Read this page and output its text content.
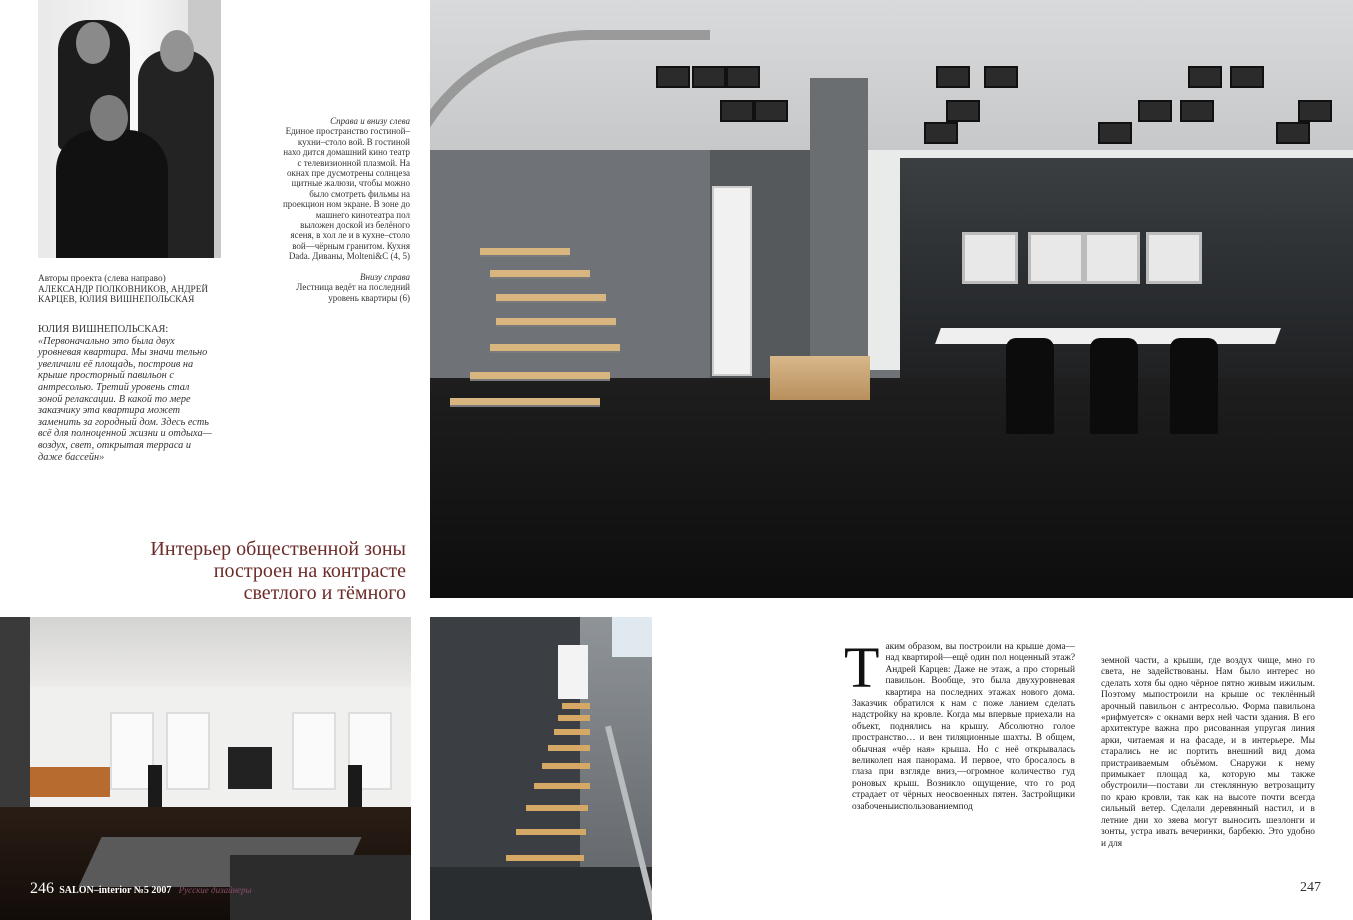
Авторы проекта (слева направо)
АЛЕКСАНДР ПОЛКОВНИКОВ, АНДРЕЙ КАРЦЕВ, ЮЛИЯ ВИШНЕПОЛЬСКАЯ
ЮЛИЯ ВИШНЕПОЛЬСКАЯ:
«Первоначально это была двух уровневая квартира. Мы значи тельно увеличили её площадь, построив на крыше просторный павильон с антресолью. Третий уровень стал зоной релаксации. В какой то мере заказчику эта квартира может заменить за городный дом. Здесь есть всё для полноценной жизни и отдыха— воздух, свет, открытая терраса и даже бассейн»
Справа и внизу слева
Единое пространство гостиной–кухни–столо вой. В гостиной нахо дится домашний кино театр с телевизионной плазмой. На окнах пре дусмотрены солнцеза щитные жалюзи, чтобы можно было смотреть фильмы на проекцион ном экране. В зоне до машнего кинотеатра пол выложен доской из белёного ясеня, в хол ле и в кухне–столо вой—чёрным гранитом. Кухня Dada. Диваны, Molteni&C (4, 5)
Внизу справа
Лестница ведёт на последний уровень квартиры (6)
Интерьер общественной зоны
построен на контрасте
светлого и тёмного
Т аким образом, вы построили на крыше дома—над квартирой—ещё один пол ноценный этаж? Андрей Карцев: Даже не этаж, а про сторный павильон. Вообще, это была двухуровневая квартира на последних этажах нового дома. Заказчик обратился к нам с поже ланием сделать надстройку на кровле. Когда мы впервые приехали на объект, поднялись на крышу. Абсолютно голое пространство… и вен тиляционные шахты. В общем, обычная «чёр ная» крыша. Но с неё открывалась великолеп ная панорама. И первое, что бросалось в глаза при взгляде вниз,—огромное количество гуд роновых крыш. Возникло ощущение, что го род страдает от чёрных неосвоенных пятен. Застройщики озабоченыиспользованиемпод
земной части, а крыши, где воздух чище, мно го света, не задействованы. Нам было интерес но сделать хотя бы одно чёрное пятно живым ижилым. Поэтому мыпостроили на крыше ос теклённый арочный павильон с антресолью. Форма павильона «рифмуется» с окнами верх ней части здания. В его архитектуре важна про рисованная упругая линия арки, читаемая и на фасаде, и в интерьере. Мы старались не ис портить внешний вид дома пристраиваемым объёмом. Снаружи к нему примыкает площад ка, которую мы также обустроили—постави ли стеклянную ветрозащиту по краю кровли, так как на высоте почти всегда сильный ветер. Сделали деревянный настил, и в летние дни хо зяева могут выносить шезлонги и зонты, устра ивать вечеринки, барбекю. Это удобно и для
246 SALON–interior №5 2007 Русские дизайнеры	247
